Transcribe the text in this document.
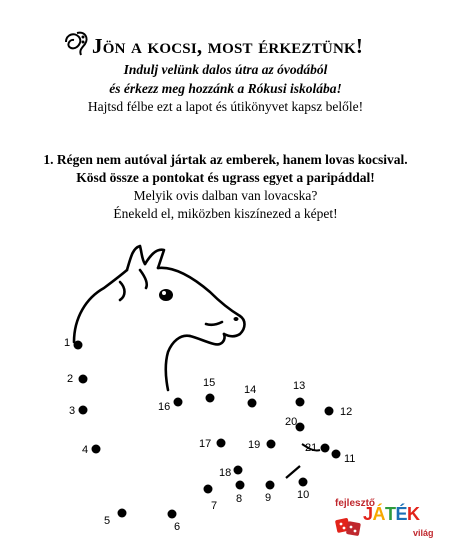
Jön a kocsi, most érkeztünk!
Indulj velünk dalos útra az óvodából
és érkezz meg hozzánk a Rókusi iskolába!
Hajtsd félbe ezt a lapot és útikönyvet kapsz belőle!
1. Régen nem autóval jártak az emberek, hanem lovas kocsival.
Kösd össze a pontokat és ugrass egyet a paripáddal!
Melyik ovis dalban van lovacska?
Énekeld el, miközben kiszínezed a képet!
1
2
3
4
5	6
7
8 9 10
11
12
13
14
15
16
17
18
19
20
21
fejlesztő
JÁTÉK
világ
